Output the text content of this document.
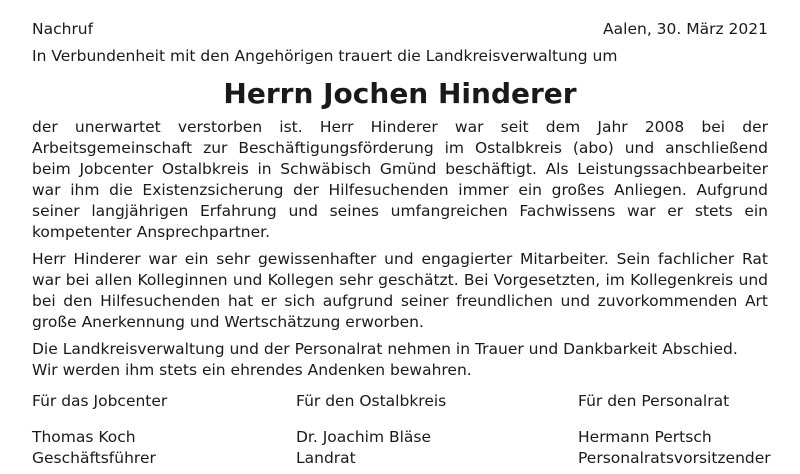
Nachruf	Aalen, 30. März 2021
In Verbundenheit mit den Angehörigen trauert die Landkreisverwaltung um
Herrn Jochen Hinderer
der unerwartet verstorben ist. Herr Hinderer war seit dem Jahr 2008 bei der Arbeitsgemeinschaft zur Beschäftigungsförderung im Ostalbkreis (abo) und anschließend beim Jobcenter Ostalbkreis in Schwäbisch Gmünd beschäftigt. Als Leistungssachbearbeiter war ihm die Existenzsicherung der Hilfesuchenden immer ein großes Anliegen. Aufgrund seiner langjährigen Erfahrung und seines umfangreichen Fachwissens war er stets ein kompetenter Ansprechpartner.
Herr Hinderer war ein sehr gewissenhafter und engagierter Mitarbeiter. Sein fachlicher Rat war bei allen Kolleginnen und Kollegen sehr geschätzt. Bei Vorgesetzten, im Kollegenkreis und bei den Hilfesuchenden hat er sich aufgrund seiner freundlichen und zuvorkommenden Art große Anerkennung und Wertschätzung erworben.
Die Landkreisverwaltung und der Personalrat nehmen in Trauer und Dankbarkeit Abschied.
Wir werden ihm stets ein ehrendes Andenken bewahren.
Für das Jobcenter
Thomas Koch
Geschäftsführer
Für den Ostalbkreis
Dr. Joachim Bläse
Landrat
Für den Personalrat
Hermann Pertsch
Personalratsvorsitzender
